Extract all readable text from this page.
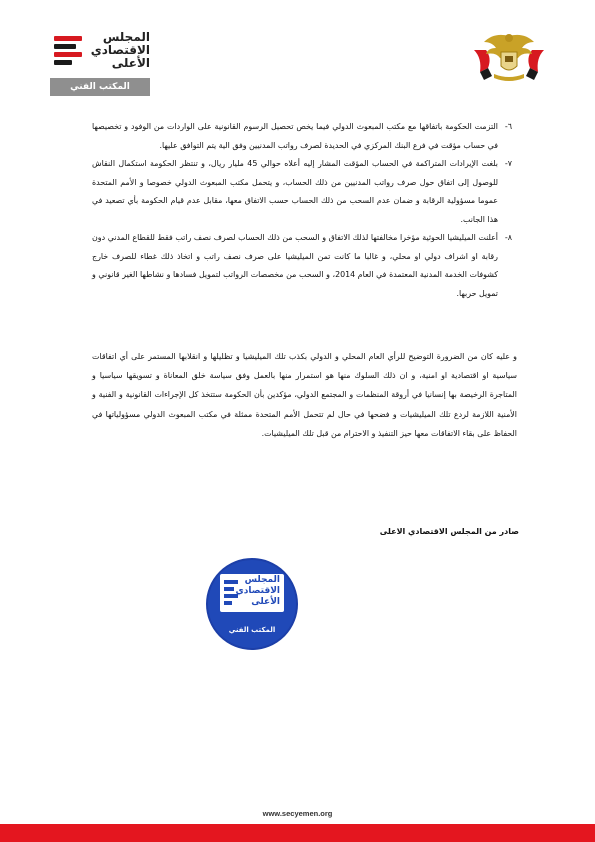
المجلس
الاقتصادي
الأعلى
المكتب الفني
٦-
التزمت الحكومة باتفاقها مع مكتب المبعوث الدولي فيما يخص تحصيل الرسوم القانونية على الواردات من الوفود و تخصيصها في حساب مؤقت في فرع البنك المركزي في الحديدة لصرف رواتب المدنيين وفق الية يتم التوافق عليها.
٧-
بلغت الإيرادات المتراكمة في الحساب المؤقت المشار إليه أعلاه حوالي 45 مليار ريال، و تنتظر الحكومة استكمال النقاش للوصول إلى اتفاق حول صرف رواتب المدنيين من ذلك الحساب، و يتحمل مكتب المبعوث الدولي خصوصا و الأمم المتحدة عموما مسؤولية الرقابة و ضمان عدم السحب من ذلك الحساب حسب الاتفاق معها، مقابل عدم قيام الحكومة بأي تصعيد في هذا الجانب.
٨-
أعلنت الميليشيا الحوثية مؤخرا مخالفتها لذلك الاتفاق و السحب من ذلك الحساب لصرف نصف راتب فقط للقطاع المدني دون رقابة او اشراف دولي او محلي، و غالبا ما كانت تمن الميليشيا على صرف نصف راتب و اتخاذ ذلك غطاء للصرف خارج كشوفات الخدمة المدنية المعتمدة في العام 2014، و السحب من مخصصات الرواتب لتمويل فسادها و نشاطها الغير قانوني و تمويل حربها.
و عليه كان من الضرورة التوضيح للرأي العام المحلي و الدولي بكذب تلك الميليشيا و تظليلها و انقلابها المستمر على أي اتفاقات سياسية او اقتصادية او امنية، و ان ذلك السلوك منها هو استمرار منها بالعمل وفق سياسة خلق المعاناة و تسويقها سياسيا و المتاجرة الرخيصة بها إنسانيا في أروقة المنظمات و المجتمع الدولي، مؤكدين بأن الحكومة ستتخذ كل الإجراءات القانونية و الفنية و الأمنية اللازمة لردع تلك الميليشيات و فضحها في حال لم تتحمل الأمم المتحدة ممثلة في مكتب المبعوث الدولي مسؤولياتها في الحفاظ على بقاء الاتفاقات معها حيز التنفيذ و الاحترام من قبل تلك الميليشيات.
صادر من المجلس الاقتصادي الاعلى
المجلس
الاقتصادي
الأعلى
المكتب الفني
www.secyemen.org
